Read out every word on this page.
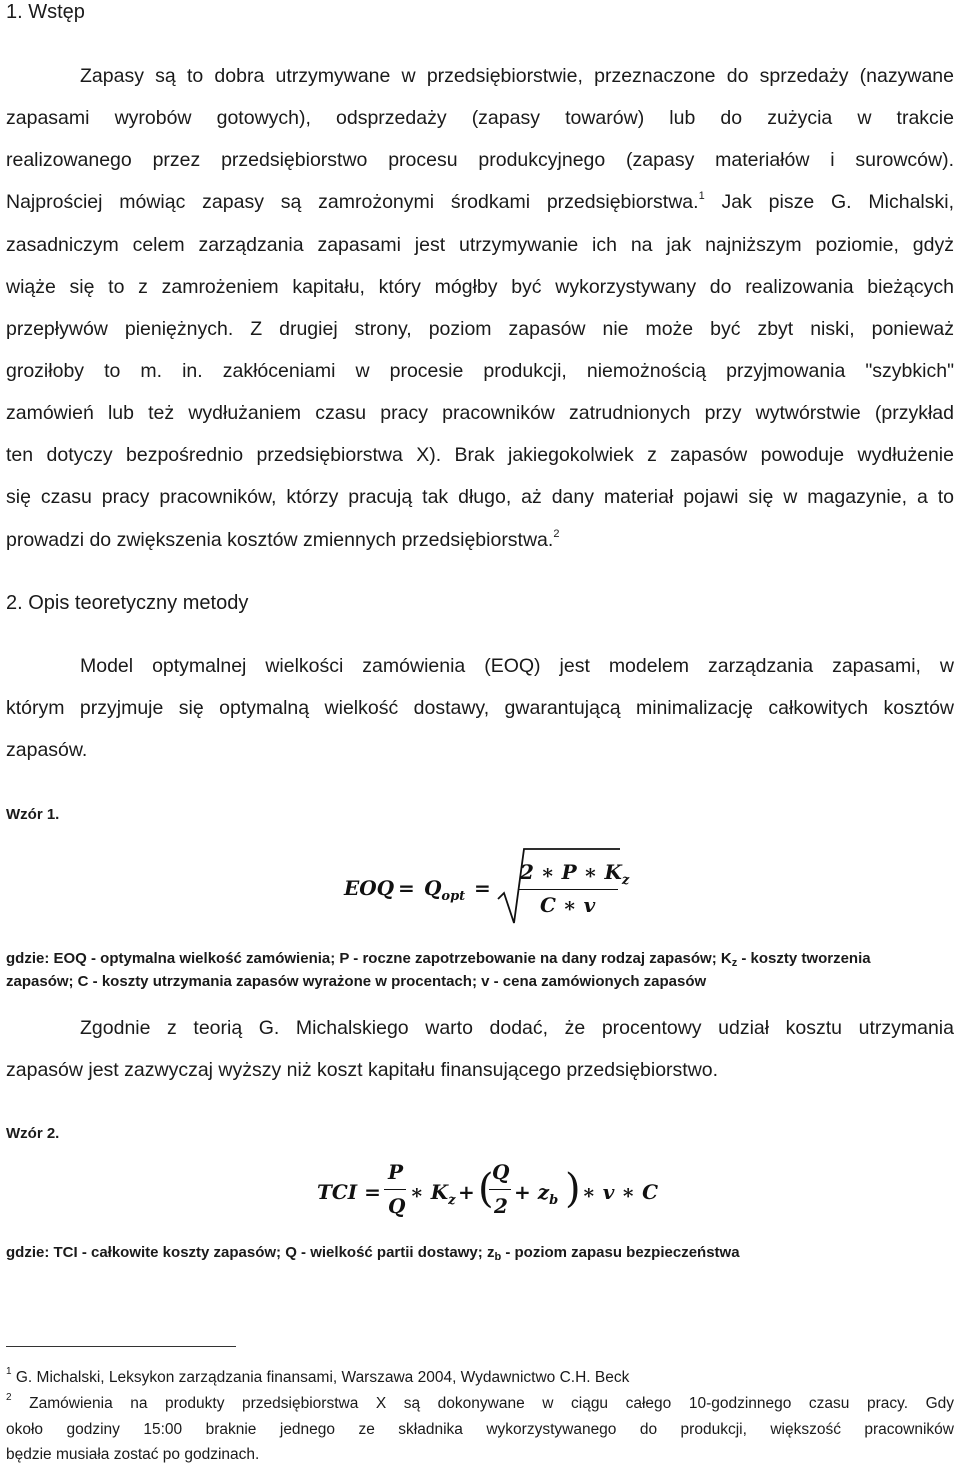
1. Wstęp
Zapasy są to dobra utrzymywane w przedsiębiorstwie, przeznaczone do sprzedaży (nazywane
zapasami wyrobów gotowych), odsprzedaży (zapasy towarów) lub do zużycia w trakcie
realizowanego przez przedsiębiorstwo procesu produkcyjnego (zapasy materiałów i surowców).
Najprościej mówiąc zapasy są zamrożonymi środkami przedsiębiorstwa.$^1$ Jak pisze G. Michalski,
zasadniczym celem zarządzania zapasami jest utrzymywanie ich na jak najniższym poziomie, gdyż
wiąże się to z zamrożeniem kapitału, który mógłby być wykorzystywany do realizowania bieżących
przepływów pieniężnych. Z drugiej strony, poziom zapasów nie może być zbyt niski, ponieważ
groziłoby to m. in. zakłóceniami w procesie produkcji, niemożnością przyjmowania "szybkich"
zamówień lub też wydłużaniem czasu pracy pracowników zatrudnionych przy wytwórstwie (przykład
ten dotyczy bezpośrednio przedsiębiorstwa X). Brak jakiegokolwiek z zapasów powoduje wydłużenie
się czasu pracy pracowników, którzy pracują tak długo, aż dany materiał pojawi się w magazynie, a to
prowadzi do zwiększenia kosztów zmiennych przedsiębiorstwa.$^2$
2. Opis teoretyczny metody
Model optymalnej wielkości zamówienia (EOQ) jest modelem zarządzania zapasami, w
którym przyjmuje się optymalną wielkość dostawy, gwarantującą minimalizację całkowitych kosztów
zapasów.
Wzór 1.
EOQ = $Q_{opt}$ =
2 ∗ P ∗ $K_z$
C ∗ v
gdzie: EOQ - optymalna wielkość zamówienia; P - roczne zapotrzebowanie na dany rodzaj zapasów; $K_z$ - koszty tworzenia
zapasów; C - koszty utrzymania zapasów wyrażone w procentach; v - cena zamówionych zapasów
Zgodnie z teorią G. Michalskiego warto dodać, że procentowy udział kosztu utrzymania
zapasów jest zazwyczaj wyższy niż koszt kapitału finansującego przedsiębiorstwo.
Wzór 2.
TCI =
P
Q
∗ $K_z$ + (
Q
2
+ $z_b$ ) ∗ v ∗ C
gdzie: TCI - całkowite koszty zapasów; Q - wielkość partii dostawy; $z_b$ - poziom zapasu bezpieczeństwa
$^1$ G. Michalski, Leksykon zarządzania finansami, Warszawa 2004, Wydawnictwo C.H. Beck
$^2$ Zamówienia na produkty przedsiębiorstwa X są dokonywane w ciągu całego 10-godzinnego czasu pracy. Gdy
około godziny 15:00 braknie jednego ze składnika wykorzystywanego do produkcji, większość pracowników
będzie musiała zostać po godzinach.
